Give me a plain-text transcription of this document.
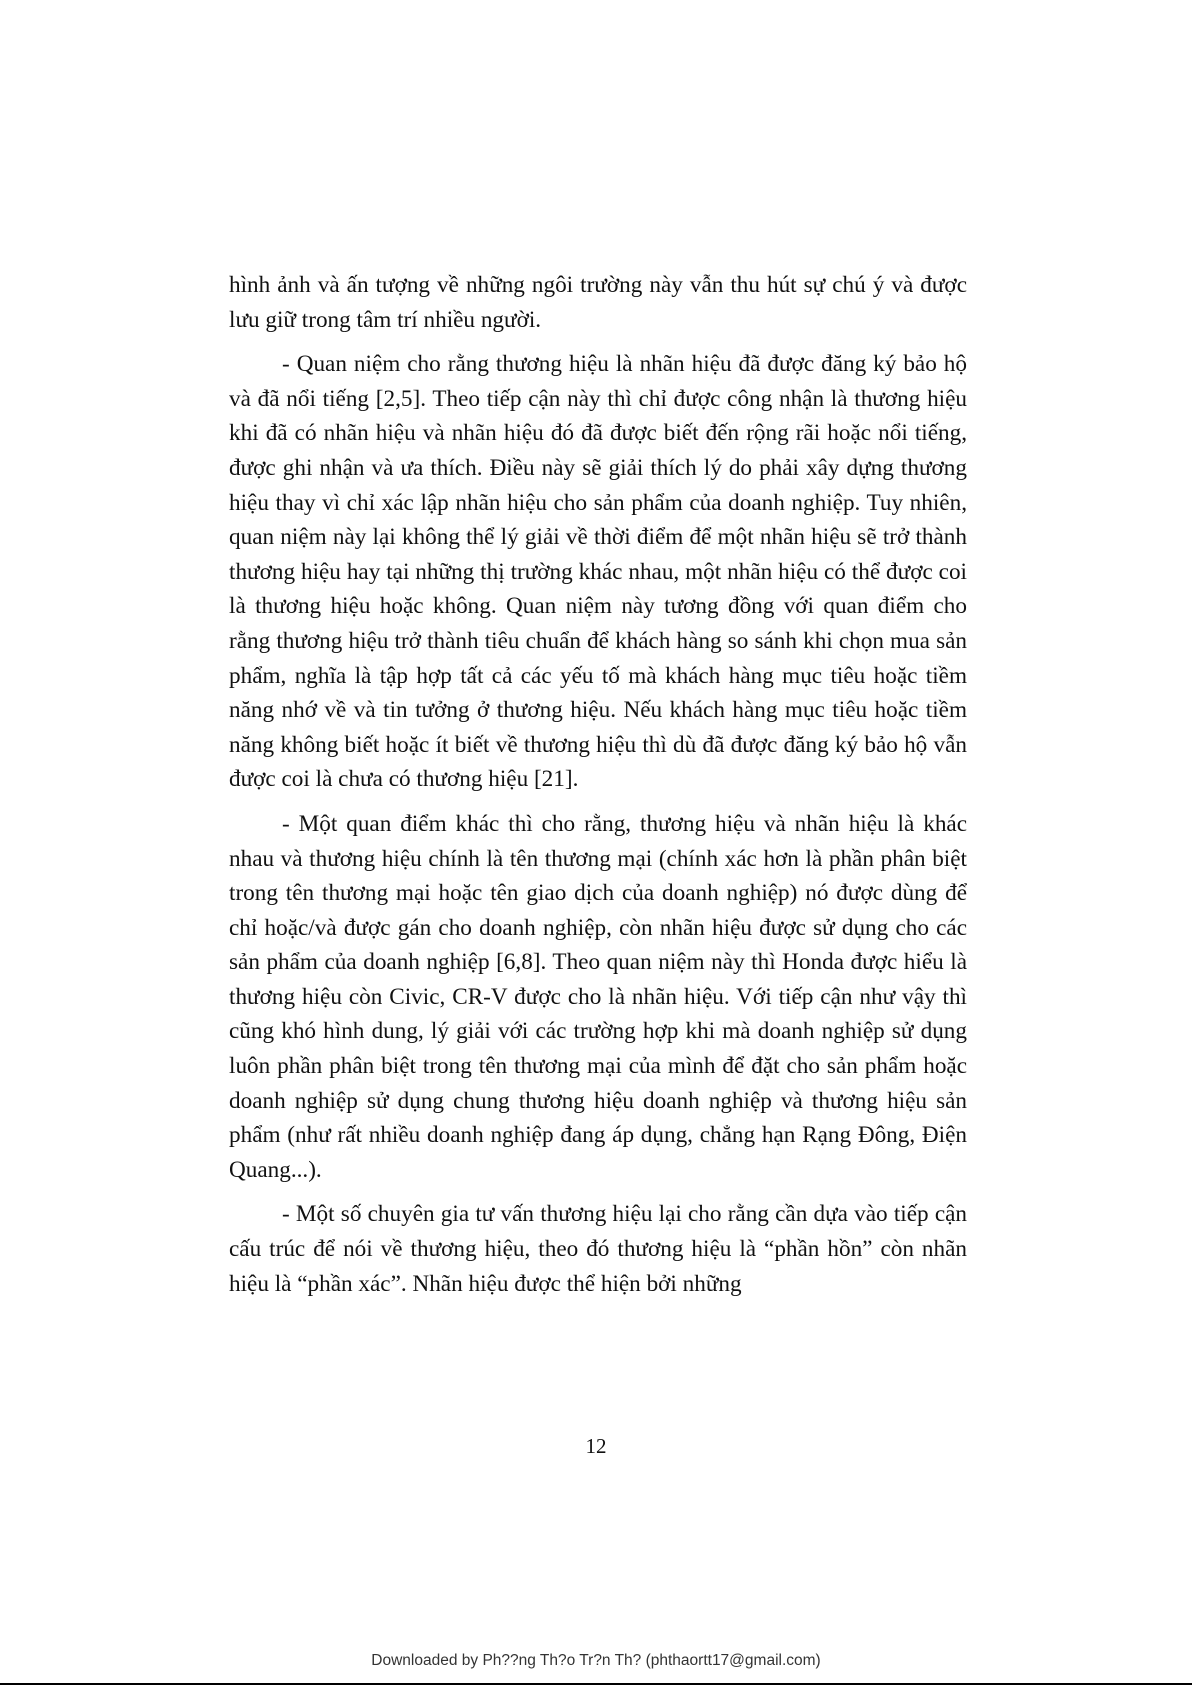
hình ảnh và ấn tượng về những ngôi trường này vẫn thu hút sự chú ý và được lưu giữ trong tâm trí nhiều người.

- Quan niệm cho rằng thương hiệu là nhãn hiệu đã được đăng ký bảo hộ và đã nổi tiếng [2,5]. Theo tiếp cận này thì chỉ được công nhận là thương hiệu khi đã có nhãn hiệu và nhãn hiệu đó đã được biết đến rộng rãi hoặc nổi tiếng, được ghi nhận và ưa thích. Điều này sẽ giải thích lý do phải xây dựng thương hiệu thay vì chỉ xác lập nhãn hiệu cho sản phẩm của doanh nghiệp. Tuy nhiên, quan niệm này lại không thể lý giải về thời điểm để một nhãn hiệu sẽ trở thành thương hiệu hay tại những thị trường khác nhau, một nhãn hiệu có thể được coi là thương hiệu hoặc không. Quan niệm này tương đồng với quan điểm cho rằng thương hiệu trở thành tiêu chuẩn để khách hàng so sánh khi chọn mua sản phẩm, nghĩa là tập hợp tất cả các yếu tố mà khách hàng mục tiêu hoặc tiềm năng nhớ về và tin tưởng ở thương hiệu. Nếu khách hàng mục tiêu hoặc tiềm năng không biết hoặc ít biết về thương hiệu thì dù đã được đăng ký bảo hộ vẫn được coi là chưa có thương hiệu [21].

- Một quan điểm khác thì cho rằng, thương hiệu và nhãn hiệu là khác nhau và thương hiệu chính là tên thương mại (chính xác hơn là phần phân biệt trong tên thương mại hoặc tên giao dịch của doanh nghiệp) nó được dùng để chỉ hoặc/và được gán cho doanh nghiệp, còn nhãn hiệu được sử dụng cho các sản phẩm của doanh nghiệp [6,8]. Theo quan niệm này thì Honda được hiểu là thương hiệu còn Civic, CR-V được cho là nhãn hiệu. Với tiếp cận như vậy thì cũng khó hình dung, lý giải với các trường hợp khi mà doanh nghiệp sử dụng luôn phần phân biệt trong tên thương mại của mình để đặt cho sản phẩm hoặc doanh nghiệp sử dụng chung thương hiệu doanh nghiệp và thương hiệu sản phẩm (như rất nhiều doanh nghiệp đang áp dụng, chẳng hạn Rạng Đông, Điện Quang...).

- Một số chuyên gia tư vấn thương hiệu lại cho rằng cần dựa vào tiếp cận cấu trúc để nói về thương hiệu, theo đó thương hiệu là “phần hồn” còn nhãn hiệu là “phần xác”. Nhãn hiệu được thể hiện bởi những

12
Downloaded by Ph??ng Th?o Tr?n Th? (phthaortt17@gmail.com)
